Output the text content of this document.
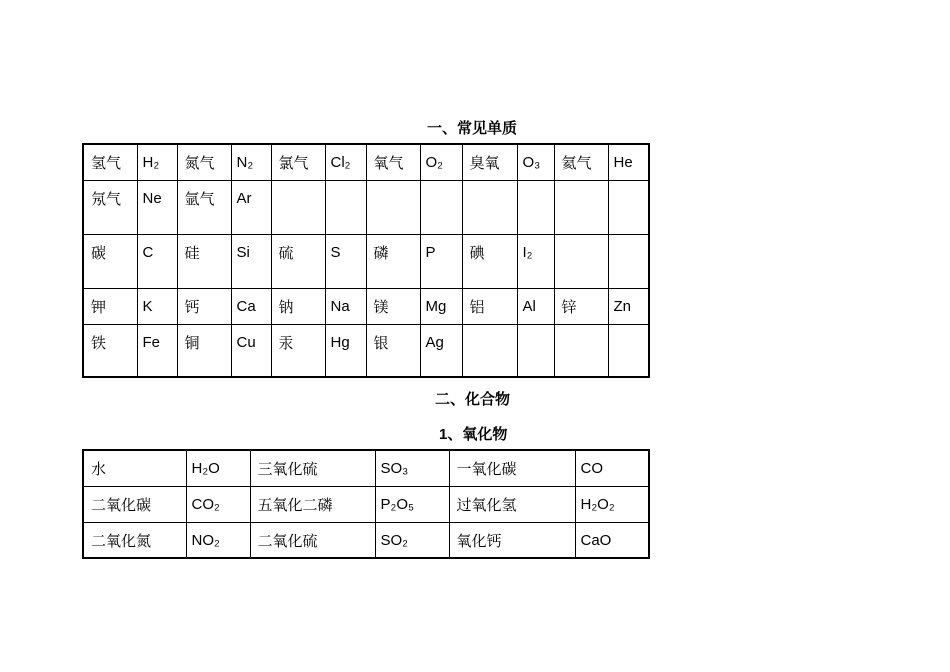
一、常见单质
氢气	H₂	氮气	N₂	氯气	Cl₂	氧气	O₂	臭氧	O₃	氦气	He

氖气	Ne	氩气	Ar								

碳	C	硅	Si	硫	S	磷	P	碘	I₂		

钾	K	钙	Ca	钠	Na	镁	Mg	铝	Al	锌	Zn

铁	Fe	铜	Cu	汞	Hg	银	Ag				

二、化合物
1、氧化物
水	H₂O	三氧化硫	SO₃	一氧化碳	CO

二氧化碳	CO₂	五氧化二磷	P₂O₅	过氧化氢	H₂O₂

二氧化氮	NO₂	二氧化硫	SO₂	氧化钙	CaO
